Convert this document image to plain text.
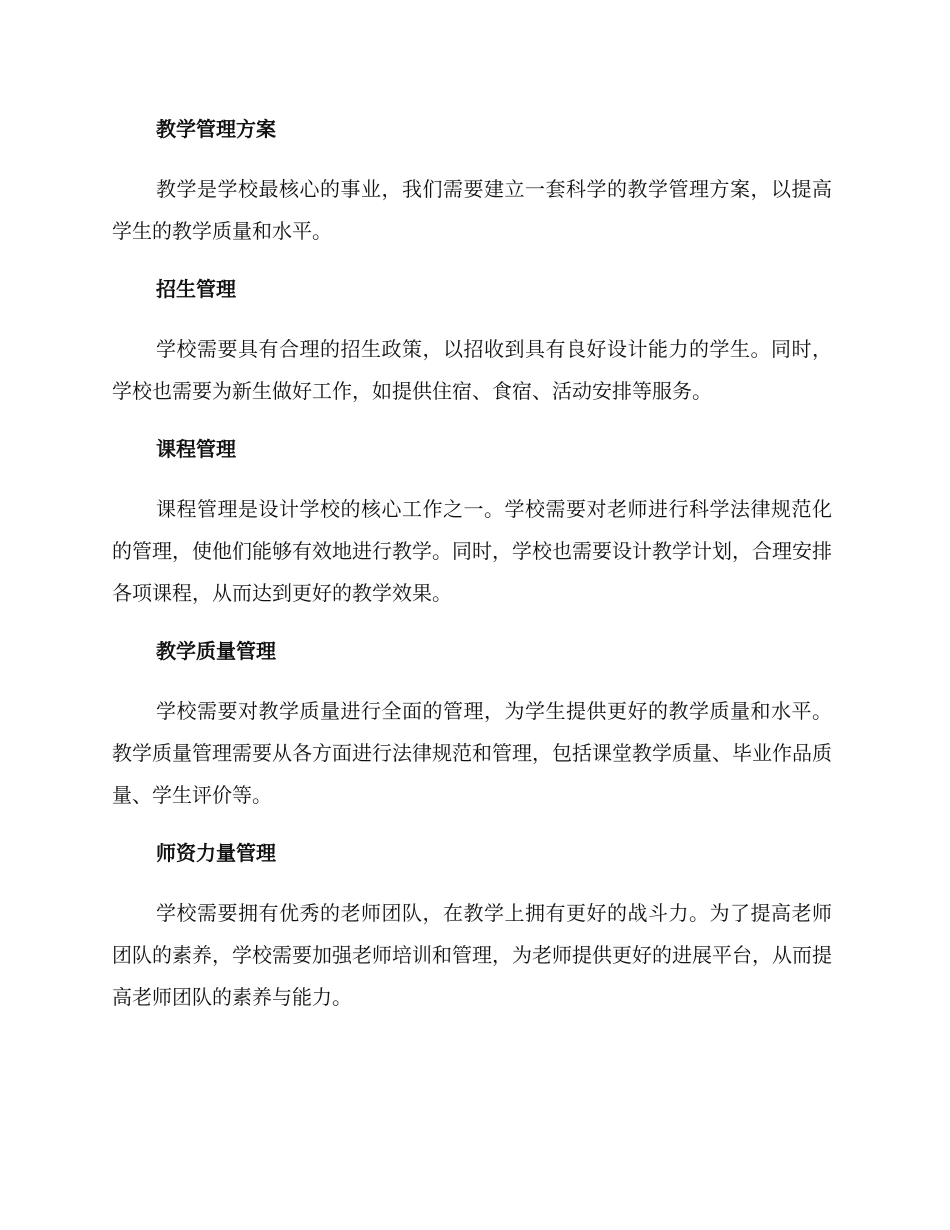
教学管理方案

教学是学校最核心的事业，我们需要建立一套科学的教学管理方案，以提高学生的教学质量和水平。

招生管理

学校需要具有合理的招生政策，以招收到具有良好设计能力的学生。同时，学校也需要为新生做好工作，如提供住宿、食宿、活动安排等服务。

课程管理

课程管理是设计学校的核心工作之一。学校需要对老师进行科学法律规范化的管理，使他们能够有效地进行教学。同时，学校也需要设计教学计划，合理安排各项课程，从而达到更好的教学效果。

教学质量管理

学校需要对教学质量进行全面的管理，为学生提供更好的教学质量和水平。教学质量管理需要从各方面进行法律规范和管理，包括课堂教学质量、毕业作品质量、学生评价等。

师资力量管理

学校需要拥有优秀的老师团队，在教学上拥有更好的战斗力。为了提高老师团队的素养，学校需要加强老师培训和管理，为老师提供更好的进展平台，从而提高老师团队的素养与能力。
